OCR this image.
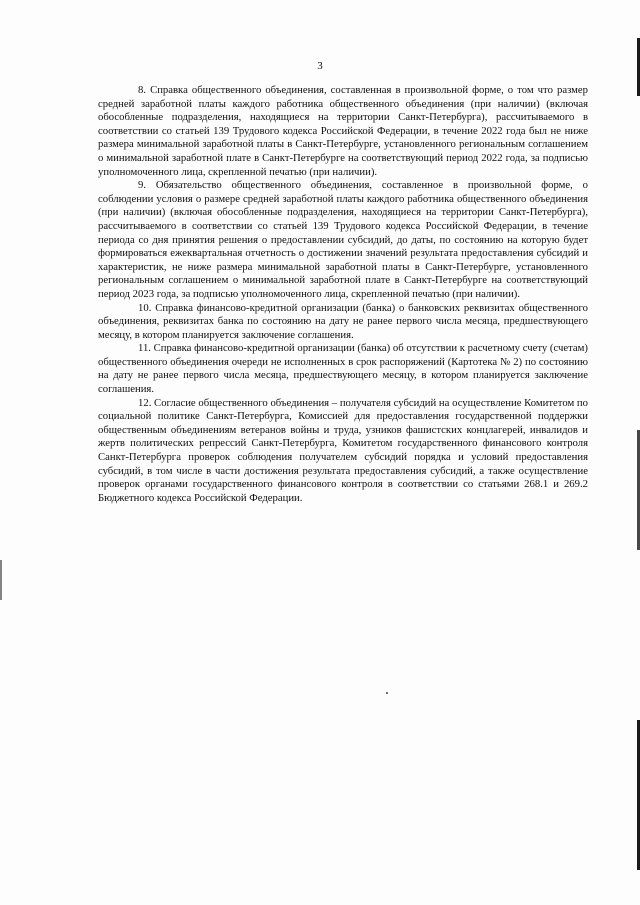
3

8. Справка общественного объединения, составленная в произвольной форме, о том что размер средней заработной платы каждого работника общественного объединения (при наличии) (включая обособленные подразделения, находящиеся на территории Санкт-Петербурга), рассчитываемого в соответствии со статьей 139 Трудового кодекса Российской Федерации, в течение 2022 года был не ниже размера минимальной заработной платы в Санкт-Петербурге, установленного региональным соглашением о минимальной заработной плате в Санкт-Петербурге на соответствующий период 2022 года, за подписью уполномоченного лица, скрепленной печатью (при наличии).

9. Обязательство общественного объединения, составленное в произвольной форме, о соблюдении условия о размере средней заработной платы каждого работника общественного объединения (при наличии) (включая обособленные подразделения, находящиеся на территории Санкт-Петербурга), рассчитываемого в соответствии со статьей 139 Трудового кодекса Российской Федерации, в течение периода со дня принятия решения о предоставлении субсидий, до даты, по состоянию на которую будет формироваться ежеквартальная отчетность о достижении значений результата предоставления субсидий и характеристик, не ниже размера минимальной заработной платы в Санкт-Петербурге, установленного региональным соглашением о минимальной заработной плате в Санкт-Петербурге на соответствующий период 2023 года, за подписью уполномоченного лица, скрепленной печатью (при наличии).

10. Справка финансово-кредитной организации (банка) о банковских реквизитах общественного объединения, реквизитах банка по состоянию на дату не ранее первого числа месяца, предшествующего месяцу, в котором планируется заключение соглашения.

11. Справка финансово-кредитной организации (банка) об отсутствии к расчетному счету (счетам) общественного объединения очереди не исполненных в срок распоряжений (Картотека № 2) по состоянию на дату не ранее первого числа месяца, предшествующего месяцу, в котором планируется заключение соглашения.

12. Согласие общественного объединения – получателя субсидий на осуществление Комитетом по социальной политике Санкт-Петербурга, Комиссией для предоставления государственной поддержки общественным объединениям ветеранов войны и труда, узников фашистских концлагерей, инвалидов и жертв политических репрессий Санкт-Петербурга, Комитетом государственного финансового контроля Санкт-Петербурга проверок соблюдения получателем субсидий порядка и условий предоставления субсидий, в том числе в части достижения результата предоставления субсидий, а также осуществление проверок органами государственного финансового контроля в соответствии со статьями 268.1 и 269.2 Бюджетного кодекса Российской Федерации.
